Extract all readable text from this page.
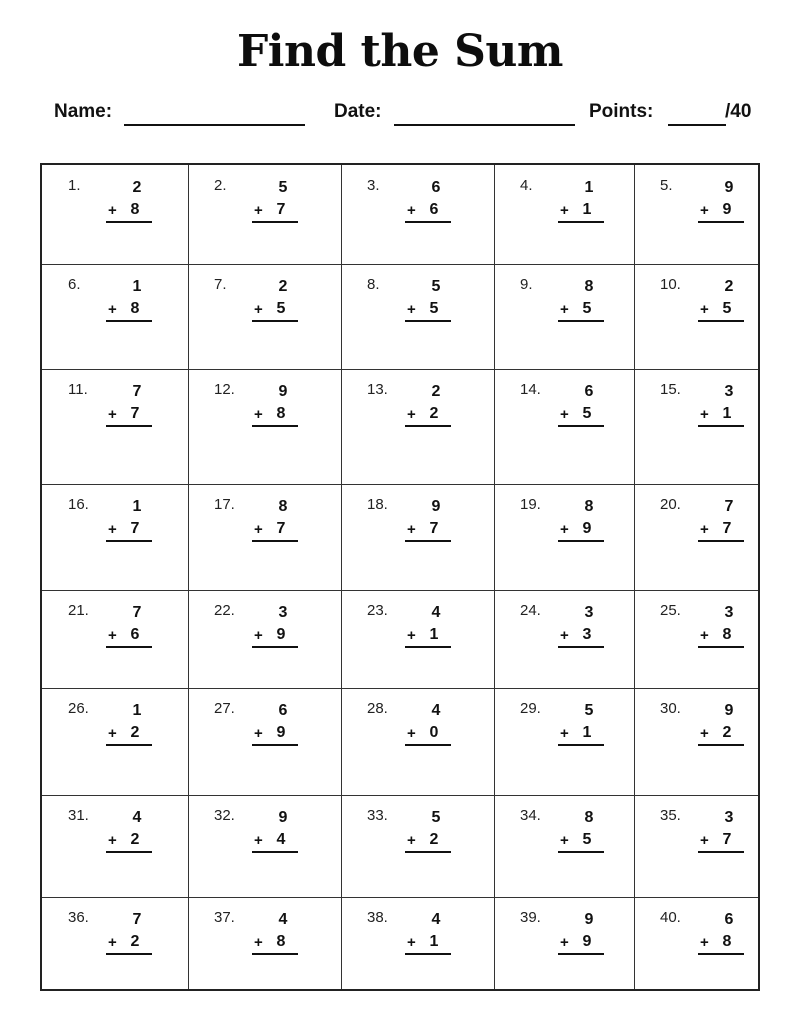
Find the Sum
Name:	Date:	Points:	/40
1.	2
+ 8
2.	5
+ 7
3.	6
+ 6
4.	1
+ 1
5.	9
+ 9
6.	1
+ 8
7.	2
+ 5
8.	5
+ 5
9.	8
+ 5
10.	2
+ 5
11.	7
+ 7
12.	9
+ 8
13.	2
+ 2
14.	6
+ 5
15.	3
+ 1
16.	1
+ 7
17.	8
+ 7
18.	9
+ 7
19.	8
+ 9
20.	7
+ 7
21.	7
+ 6
22.	3
+ 9
23.	4
+ 1
24.	3
+ 3
25.	3
+ 8
26.	1
+ 2
27.	6
+ 9
28.	4
+ 0
29.	5
+ 1
30.	9
+ 2
31.	4
+ 2
32.	9
+ 4
33.	5
+ 2
34.	8
+ 5
35.	3
+ 7
36.	7
+ 2
37.	4
+ 8
38.	4
+ 1
39.	9
+ 9
40.	6
+ 8
